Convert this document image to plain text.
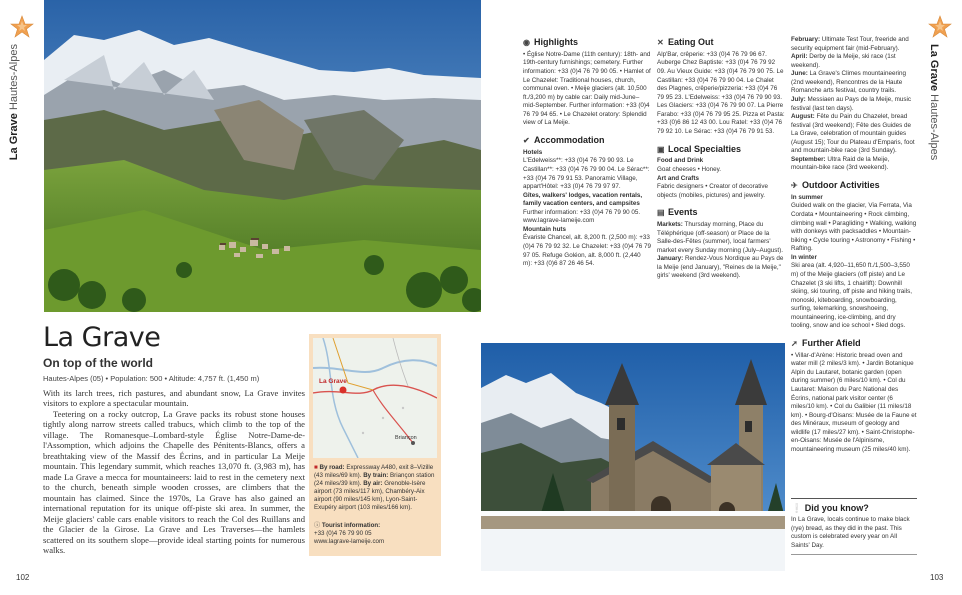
La Grave Hautes-Alpes	La Grave Hautes-Alpes
La Grave
On top of the world
Hautes-Alpes (05) • Population: 500 • Altitude: 4,757 ft. (1,450 m)

With its larch trees, rich pastures, and abundant snow, La Grave invites visitors to explore a spectacular mountain.

Teetering on a rocky outcrop, La Grave packs its robust stone houses tightly along narrow streets called trabucs, which climb to the top of the village. The Romanesque–Lombard-style Église Notre-Dame-de-l'Assomption, which adjoins the Chapelle des Pénitents-Blancs, offers a breathtaking view of the Massif des Écrins, and in particular La Meije mountain. This legendary summit, which reaches 13,070 ft. (3,983 m), has made La Grave a mecca for mountaineers: laid to rest in the cemetery next to the church, beneath simple wooden crosses, are climbers that the mountain has claimed. Since the 1970s, La Grave has also gained an international reputation for its unique off-piste ski area. In summer, the Meije glaciers' cable cars enable visitors to reach the Col des Ruillans and the Glacier de la Girose. La Grave and Les Traverses—the hamlets scattered on its southern slope—provide ideal starting points for numerous walks.

La Grave
Briançon
■ By road: Expressway A480, exit 8–Vizille (43 miles/69 km). By train: Briançon station (24 miles/39 km). By air: Grenoble-Isère airport (73 miles/117 km), Chambéry-Aix airport (90 miles/145 km), Lyon-Saint-Exupéry airport (103 miles/166 km).
ⓘ Tourist information:
+33 (0)4 76 79 90 05
www.lagrave-lameije.com
102	103
◉ Highlights

• Église Notre-Dame (11th century): 18th- and 19th-century furnishings; cemetery. Further information: +33 (0)4 76 79 90 05. • Hamlet of Le Chazelet: Traditional houses, church, communal oven. • Meije glaciers (alt. 10,500 ft./3,200 m) by cable car: Daily mid-June–mid-September. Further information: +33 (0)4 76 79 94 65. • Le Chazelet oratory: Splendid view of La Meije.

✔ Accommodation

Hotels

L'Edelweiss**: +33 (0)4 76 79 90 93. Le Castillan**: +33 (0)4 76 79 90 04. Le Sérac**: +33 (0)4 76 79 91 53. Panoramic Village, appart'Hôtel: +33 (0)4 76 79 97 97.

Gîtes, walkers' lodges, vacation rentals, family vacation centers, and campsites

Further information: +33 (0)4 76 79 90 05. www.lagrave-lameije.com

Mountain huts

Évariste Chancel, alt. 8,200 ft. (2,500 m): +33 (0)4 76 79 92 32. Le Chazelet: +33 (0)4 76 79 97 05. Refuge Goléon, alt. 8,000 ft. (2,440 m): +33 (0)6 87 26 46 54.

✕ Eating Out

Alp'Bar, crêperie: +33 (0)4 76 79 96 67. Auberge Chez Baptiste: +33 (0)4 76 79 92 09. Au Vieux Guide: +33 (0)4 76 79 90 75. Le Castillan: +33 (0)4 76 79 90 04. Le Chalet des Plagnes, crêperie/pizzeria: +33 (0)4 76 79 95 23. L'Edelweiss: +33 (0)4 76 79 90 93. Les Glaciers: +33 (0)4 76 79 90 07. La Pierre Farabo: +33 (0)4 76 79 95 25. Pizza et Pasta: +33 (0)6 86 12 43 00. Lou Ratel: +33 (0)4 76 79 92 10. Le Sérac: +33 (0)4 76 79 91 53.

▣ Local Specialties

Food and Drink

Goat cheeses • Honey.

Art and Crafts

Fabric designers • Creator of decorative objects (mobiles, pictures) and jewelry.

▤ Events

Markets: Thursday morning, Place du Téléphérique (off-season) or Place de la Salle-des-Fêtes (summer), local farmers' market every Sunday morning (July–August).

January: Rendez-Vous Nordique au Pays de la Meije (end January), "Reines de la Meije," girls' weekend (3rd weekend).

February: Ultimate Test Tour, freeride and security equipment fair (mid-February).

April: Derby de la Meije, ski race (1st weekend).

June: La Grave's Climes mountaineering (2nd weekend), Rencontres de la Haute Romanche arts festival, country trails.

July: Messiaen au Pays de la Meije, music festival (last ten days).

August: Fête du Pain du Chazelet, bread festival (3rd weekend); Fête des Guides de La Grave, celebration of mountain guides (August 15); Tour du Plateau d'Emparis, foot and mountain-bike race (3rd Sunday).

September: Ultra Raid de la Meije, mountain-bike race (3rd weekend).

✈ Outdoor Activities

In summer

Guided walk on the glacier, Via Ferrata, Via Cordata • Mountaineering • Rock climbing, climbing wall • Paragliding • Walking, walking with donkeys with packsaddles • Mountain-biking • Cycle touring • Astronomy • Fishing • Rafting.

In winter

Ski area (alt. 4,920–11,650 ft./1,500–3,550 m) of the Meije glaciers (off piste) and Le Chazelet (3 ski lifts, 1 chairlift): Downhill skiing, ski touring, off piste and hiking trails, monoski, kiteboarding, snowboarding, surfing, telemarking, snowshoeing, mountaineering, ice-climbing, and dry tooling, snow and ice school • Sled dogs.

➚ Further Afield

• Villar-d'Arène: Historic bread oven and water mill (2 miles/3 km). • Jardin Botanique Alpin du Lautaret, botanic garden (open during summer) (6 miles/10 km). • Col du Lautaret: Maison du Parc National des Écrins, national park visitor center (6 miles/10 km). • Col du Galibier (11 miles/18 km). • Bourg-d'Oisans: Musée de la Faune et des Minéraux, museum of geology and wildlife (17 miles/27 km). • Saint-Christophe-en-Oisans: Musée de l'Alpinisme, mountaineering museum (25 miles/40 km).

❕ Did you know?

In La Grave, locals continue to make black (rye) bread, as they did in the past. This custom is celebrated every year on All Saints' Day.
